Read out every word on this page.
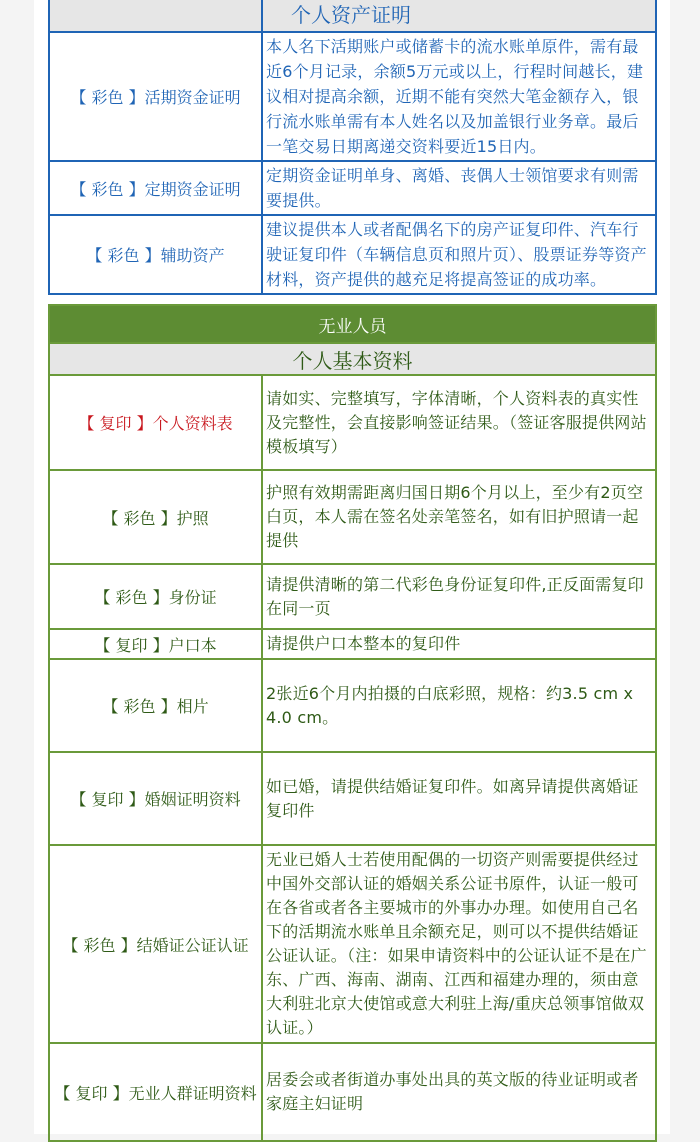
个人资产证明	

【 彩色 】活期资金证明	本人名下活期账户或储蓄卡的流水账单原件，需有最近6个月记录，余额5万元或以上，行程时间越长，建议相对提高余额，近期不能有突然大笔金额存入，银行流水账单需有本人姓名以及加盖银行业务章。最后一笔交易日期离递交资料要近15日内。
【 彩色 】定期资金证明	定期资金证明单身、离婚、丧偶人士领馆要求有则需要提供。
【 彩色 】辅助资产	建议提供本人或者配偶名下的房产证复印件、汽车行驶证复印件（车辆信息页和照片页）、股票证券等资产材料，资产提供的越充足将提高签证的成功率。
无业人员	
个人基本资料	
【 复印 】个人资料表	请如实、完整填写，字体清晰，个人资料表的真实性及完整性，会直接影响签证结果。（签证客服提供网站模板填写）
【 彩色 】护照	护照有效期需距离归国日期6个月以上，至少有2页空白页，本人需在签名处亲笔签名，如有旧护照请一起提供
【 彩色 】身份证	请提供清晰的第二代彩色身份证复印件,正反面需复印在同一页
【 复印 】户口本	请提供户口本整本的复印件
【 彩色 】相片	2张近6个月内拍摄的白底彩照，规格：约3.5 cm x 4.0 cm。
【 复印 】婚姻证明资料	如已婚，请提供结婚证复印件。如离异请提供离婚证复印件
【 彩色 】结婚证公证认证	无业已婚人士若使用配偶的一切资产则需要提供经过中国外交部认证的婚姻关系公证书原件，认证一般可在各省或者各主要城市的外事办办理。如使用自己名下的活期流水账单且余额充足，则可以不提供结婚证公证认证。（注：如果申请资料中的公证认证不是在广东、广西、海南、湖南、江西和福建办理的，须由意大利驻北京大使馆或意大利驻上海/重庆总领事馆做双认证。）
【 复印 】无业人群证明资料	居委会或者街道办事处出具的英文版的待业证明或者家庭主妇证明
